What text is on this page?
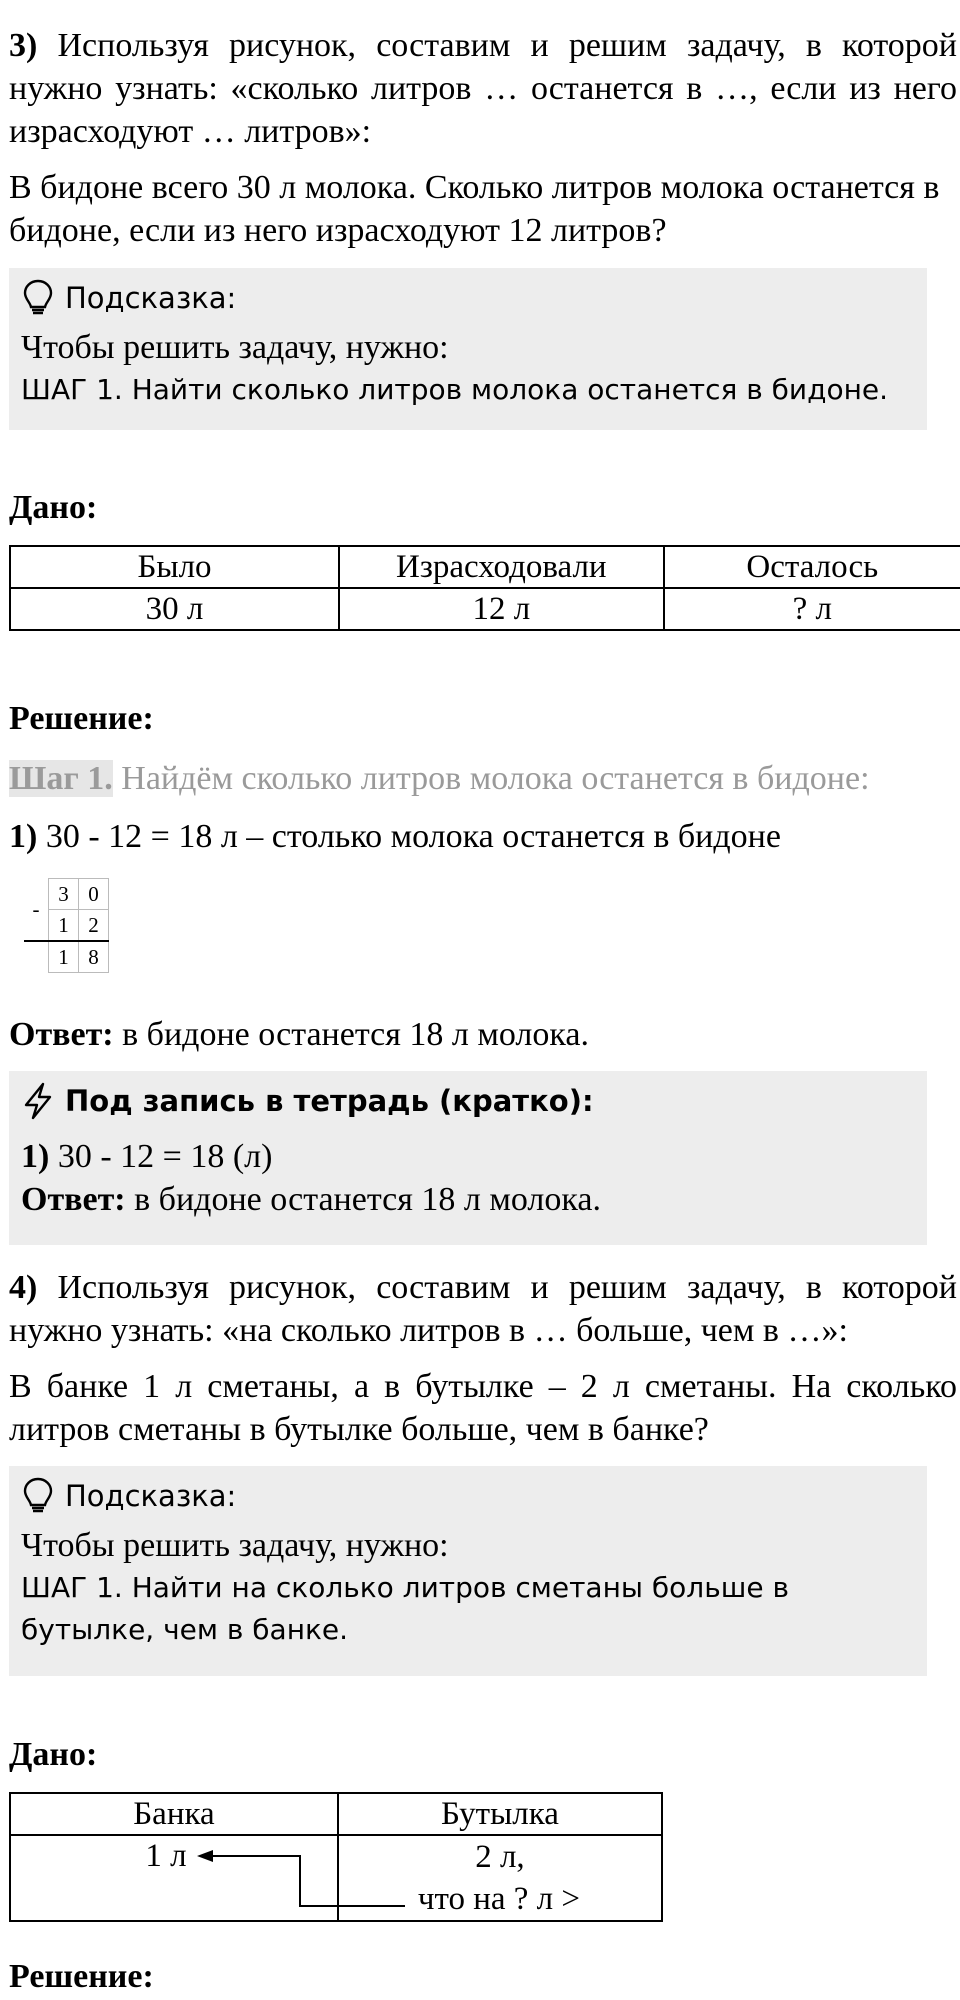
3) Используя рисунок, составим и решим задачу, в которой нужно узнать: «сколько литров … останется в …, если из него израсходуют … литров»:

В бидоне всего 30 л молока. Сколько литров молока останется в бидоне, если из него израсходуют 12 литров?

Подсказка:
Чтобы решить задачу, нужно:
ШАГ 1. Найти сколько литров молока останется в бидоне.
Дано:
Было	Израсходовали	Осталось
30 л	12 л	? л
Решение:
Шаг 1. Найдём сколько литров молока останется в бидоне:
1) 30 - 12 = 18 л – столько молока останется в бидоне
-	3	0
	1	2
	1	8
Ответ: в бидоне останется 18 л молока.
Под запись в тетрадь (кратко):
1) 30 - 12 = 18 (л)
Ответ: в бидоне останется 18 л молока.

4) Используя рисунок, составим и решим задачу, в которой нужно узнать: «на сколько литров в … больше, чем в …»:

В банке 1 л сметаны, а в бутылке – 2 л сметаны. На сколько литров сметаны в бутылке больше, чем в банке?

Подсказка:
Чтобы решить задачу, нужно:
ШАГ 1. Найти на сколько литров сметаны больше в бутылке, чем в банке.
Дано:
Банка	Бутылка
1 л	2 л,
что на ? л >
Решение:
